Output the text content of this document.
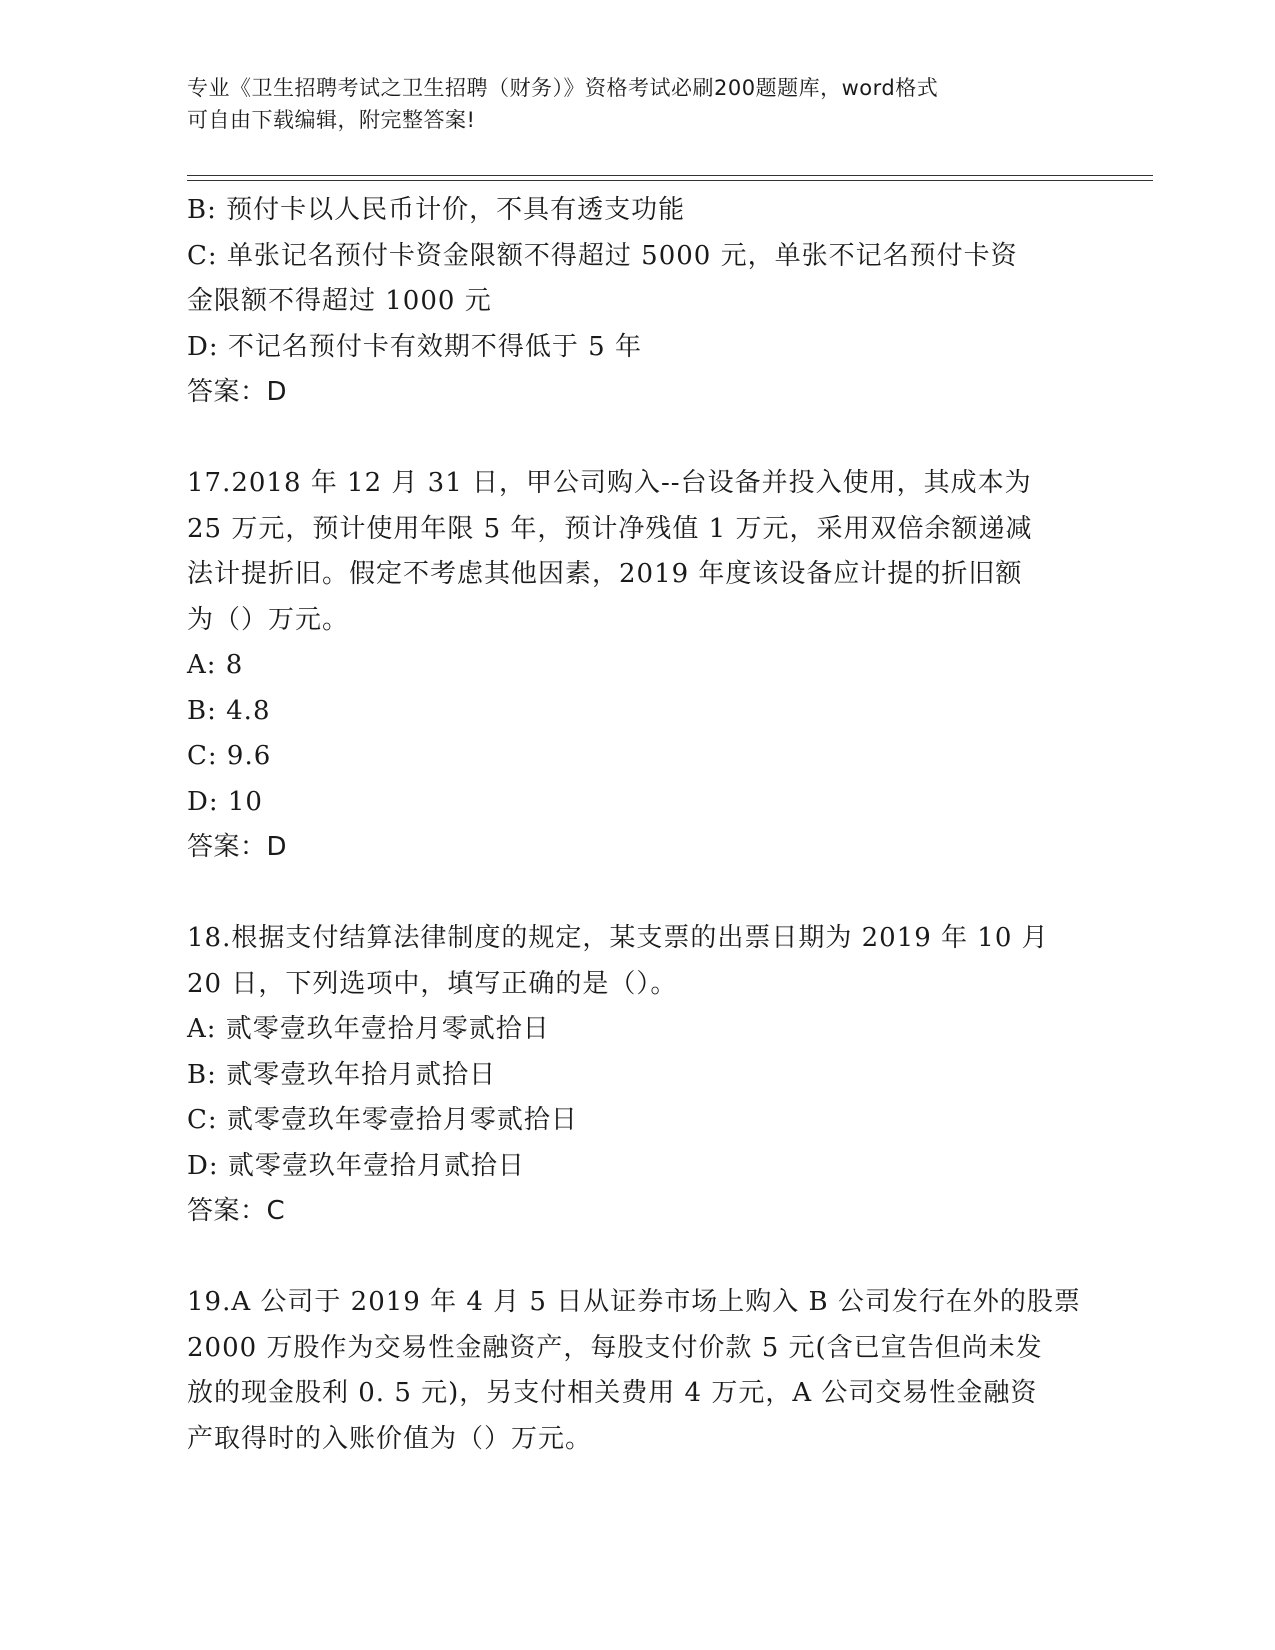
专业《卫生招聘考试之卫生招聘（财务）》资格考试必刷200题题库，word格式
可自由下载编辑，附完整答案!
B: 预付卡以人民币计价，不具有透支功能
C: 单张记名预付卡资金限额不得超过 5000 元，单张不记名预付卡资
金限额不得超过 1000 元
D: 不记名预付卡有效期不得低于 5 年
答案：D
17.2018 年 12 月 31 日，甲公司购入--台设备并投入使用，其成本为
25 万元，预计使用年限 5 年，预计净残值 1 万元，采用双倍余额递减
法计提折旧。假定不考虑其他因素，2019 年度该设备应计提的折旧额
为（）万元。
A: 8
B: 4.8
C: 9.6
D: 10
答案：D
18.根据支付结算法律制度的规定，某支票的出票日期为 2019 年 10 月
20 日，下列选项中，填写正确的是（）。
A: 贰零壹玖年壹拾月零贰拾日
B: 贰零壹玖年拾月贰拾日
C: 贰零壹玖年零壹拾月零贰拾日
D: 贰零壹玖年壹拾月贰拾日
答案：C
19.A 公司于 2019 年 4 月 5 日从证券市场上购入 B 公司发行在外的股票
2000 万股作为交易性金融资产，每股支付价款 5 元(含已宣告但尚未发
放的现金股利 0. 5 元)，另支付相关费用 4 万元，A 公司交易性金融资
产取得时的入账价值为（）万元。
